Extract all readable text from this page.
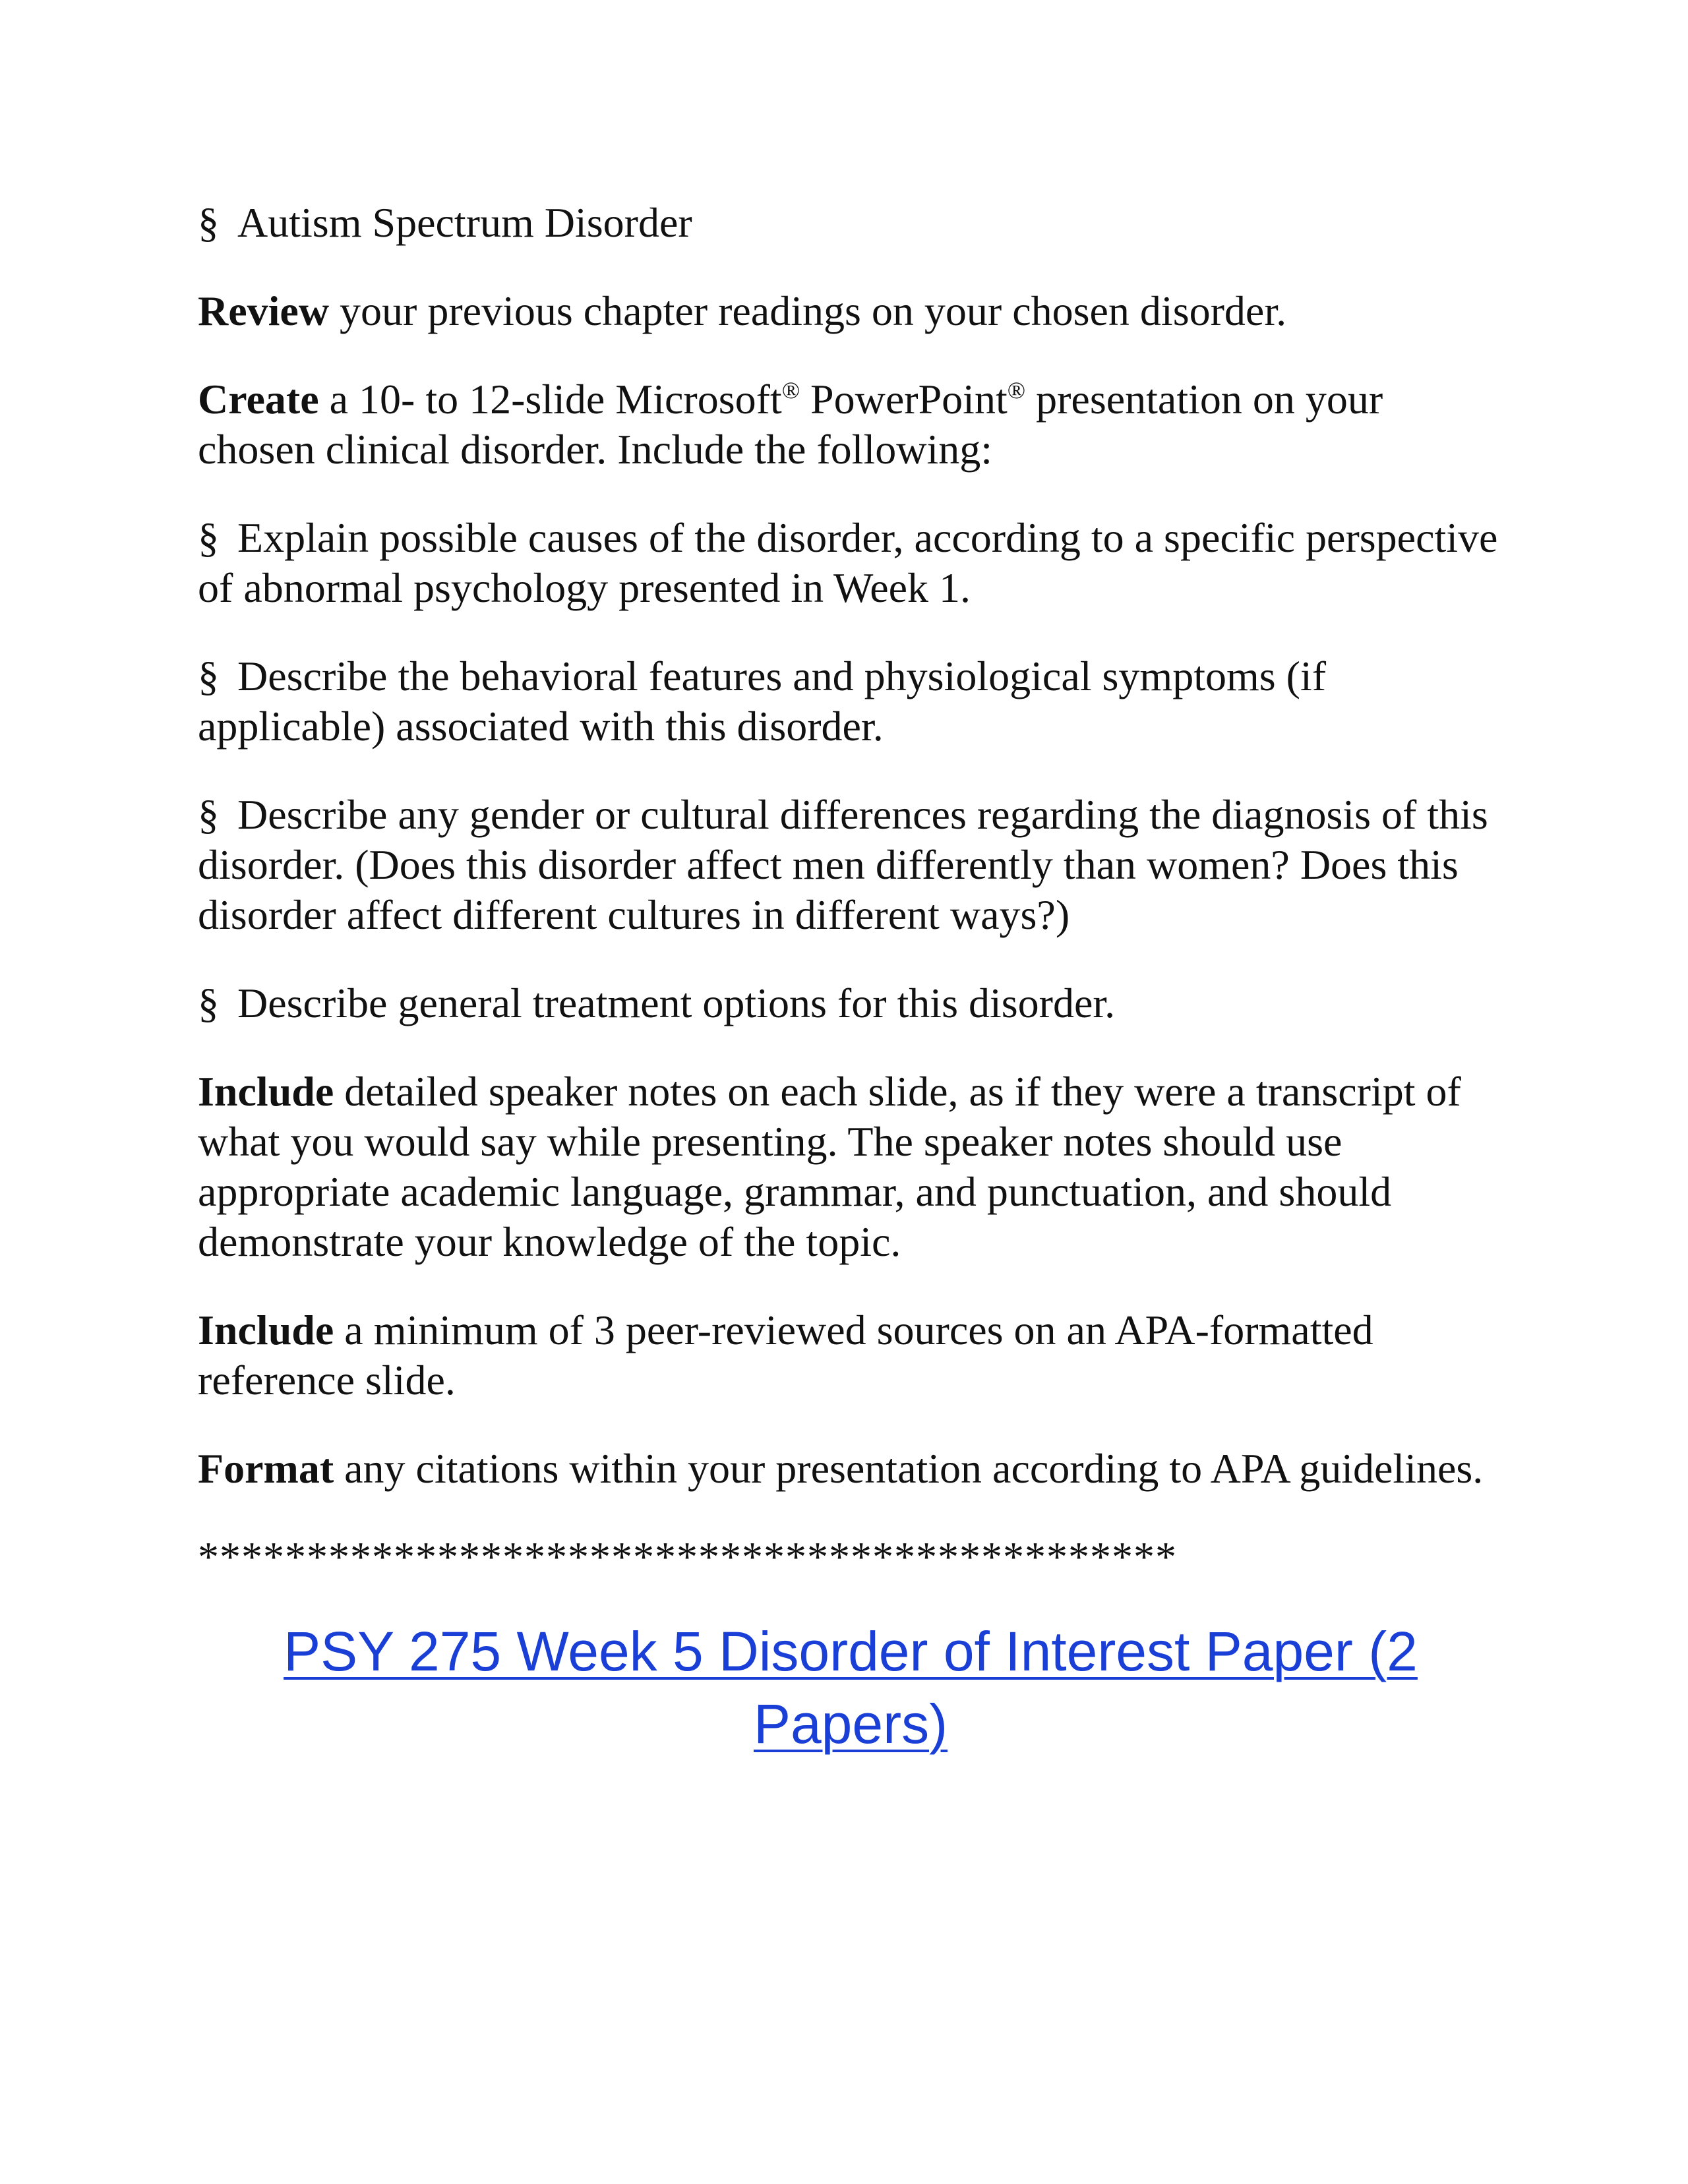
§ Autism Spectrum Disorder

Review your previous chapter readings on your chosen disorder.

Create a 10- to 12-slide Microsoft® PowerPoint® presentation on your chosen clinical disorder. Include the following:

§ Explain possible causes of the disorder, according to a specific perspective of abnormal psychology presented in Week 1.

§ Describe the behavioral features and physiological symptoms (if applicable) associated with this disorder.

§ Describe any gender or cultural differences regarding the diagnosis of this disorder. (Does this disorder affect men differently than women? Does this disorder affect different cultures in different ways?)

§ Describe general treatment options for this disorder.

Include detailed speaker notes on each slide, as if they were a transcript of what you would say while presenting. The speaker notes should use appropriate academic language, grammar, and punctuation, and should demonstrate your knowledge of the topic.

Include a minimum of 3 peer-reviewed sources on an APA-formatted reference slide.

Format any citations within your presentation according to APA guidelines.

*********************************************
PSY 275 Week 5 Disorder of Interest Paper (2 Papers)
